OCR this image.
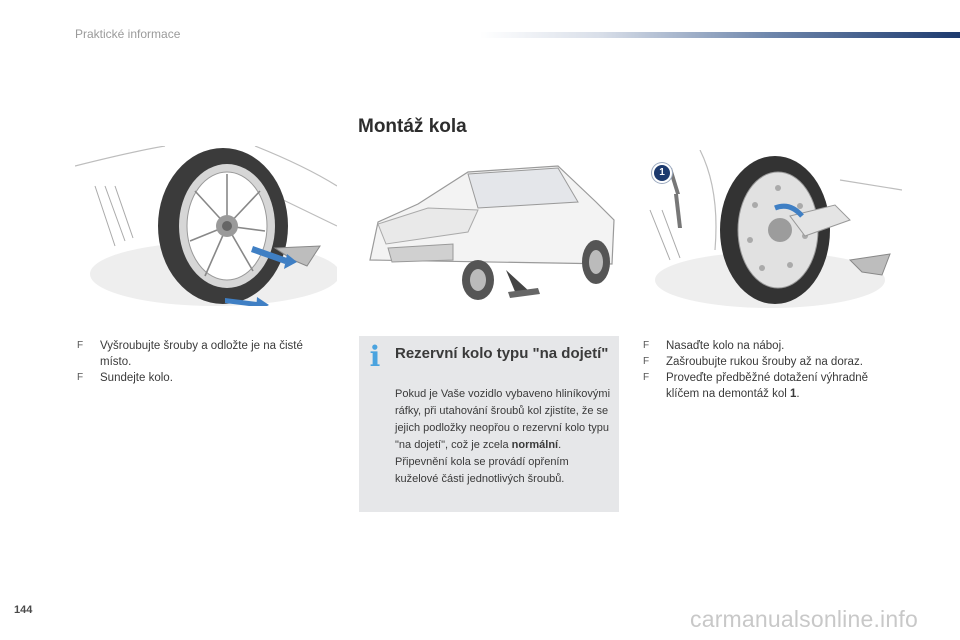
Praktické informace
Montáž kola
1

F Vyšroubujte šrouby a odložte je na čisté místo.

F Sundejte kolo.

i Rezervní kolo typu "na dojetí"
Pokud je Vaše vozidlo vybaveno hliníkovými ráfky, při utahování šroubů kol zjistíte, že se jejich podložky neopřou o rezervní kolo typu "na dojetí", což je zcela normální. Připevnění kola se provádí opřením kuželové části jednotlivých šroubů.

F Nasaďte kolo na náboj.

F Zašroubujte rukou šrouby až na doraz.

F Proveďte předběžné dotažení výhradně klíčem na demontáž kol 1.

144	carmanualsonline.info
